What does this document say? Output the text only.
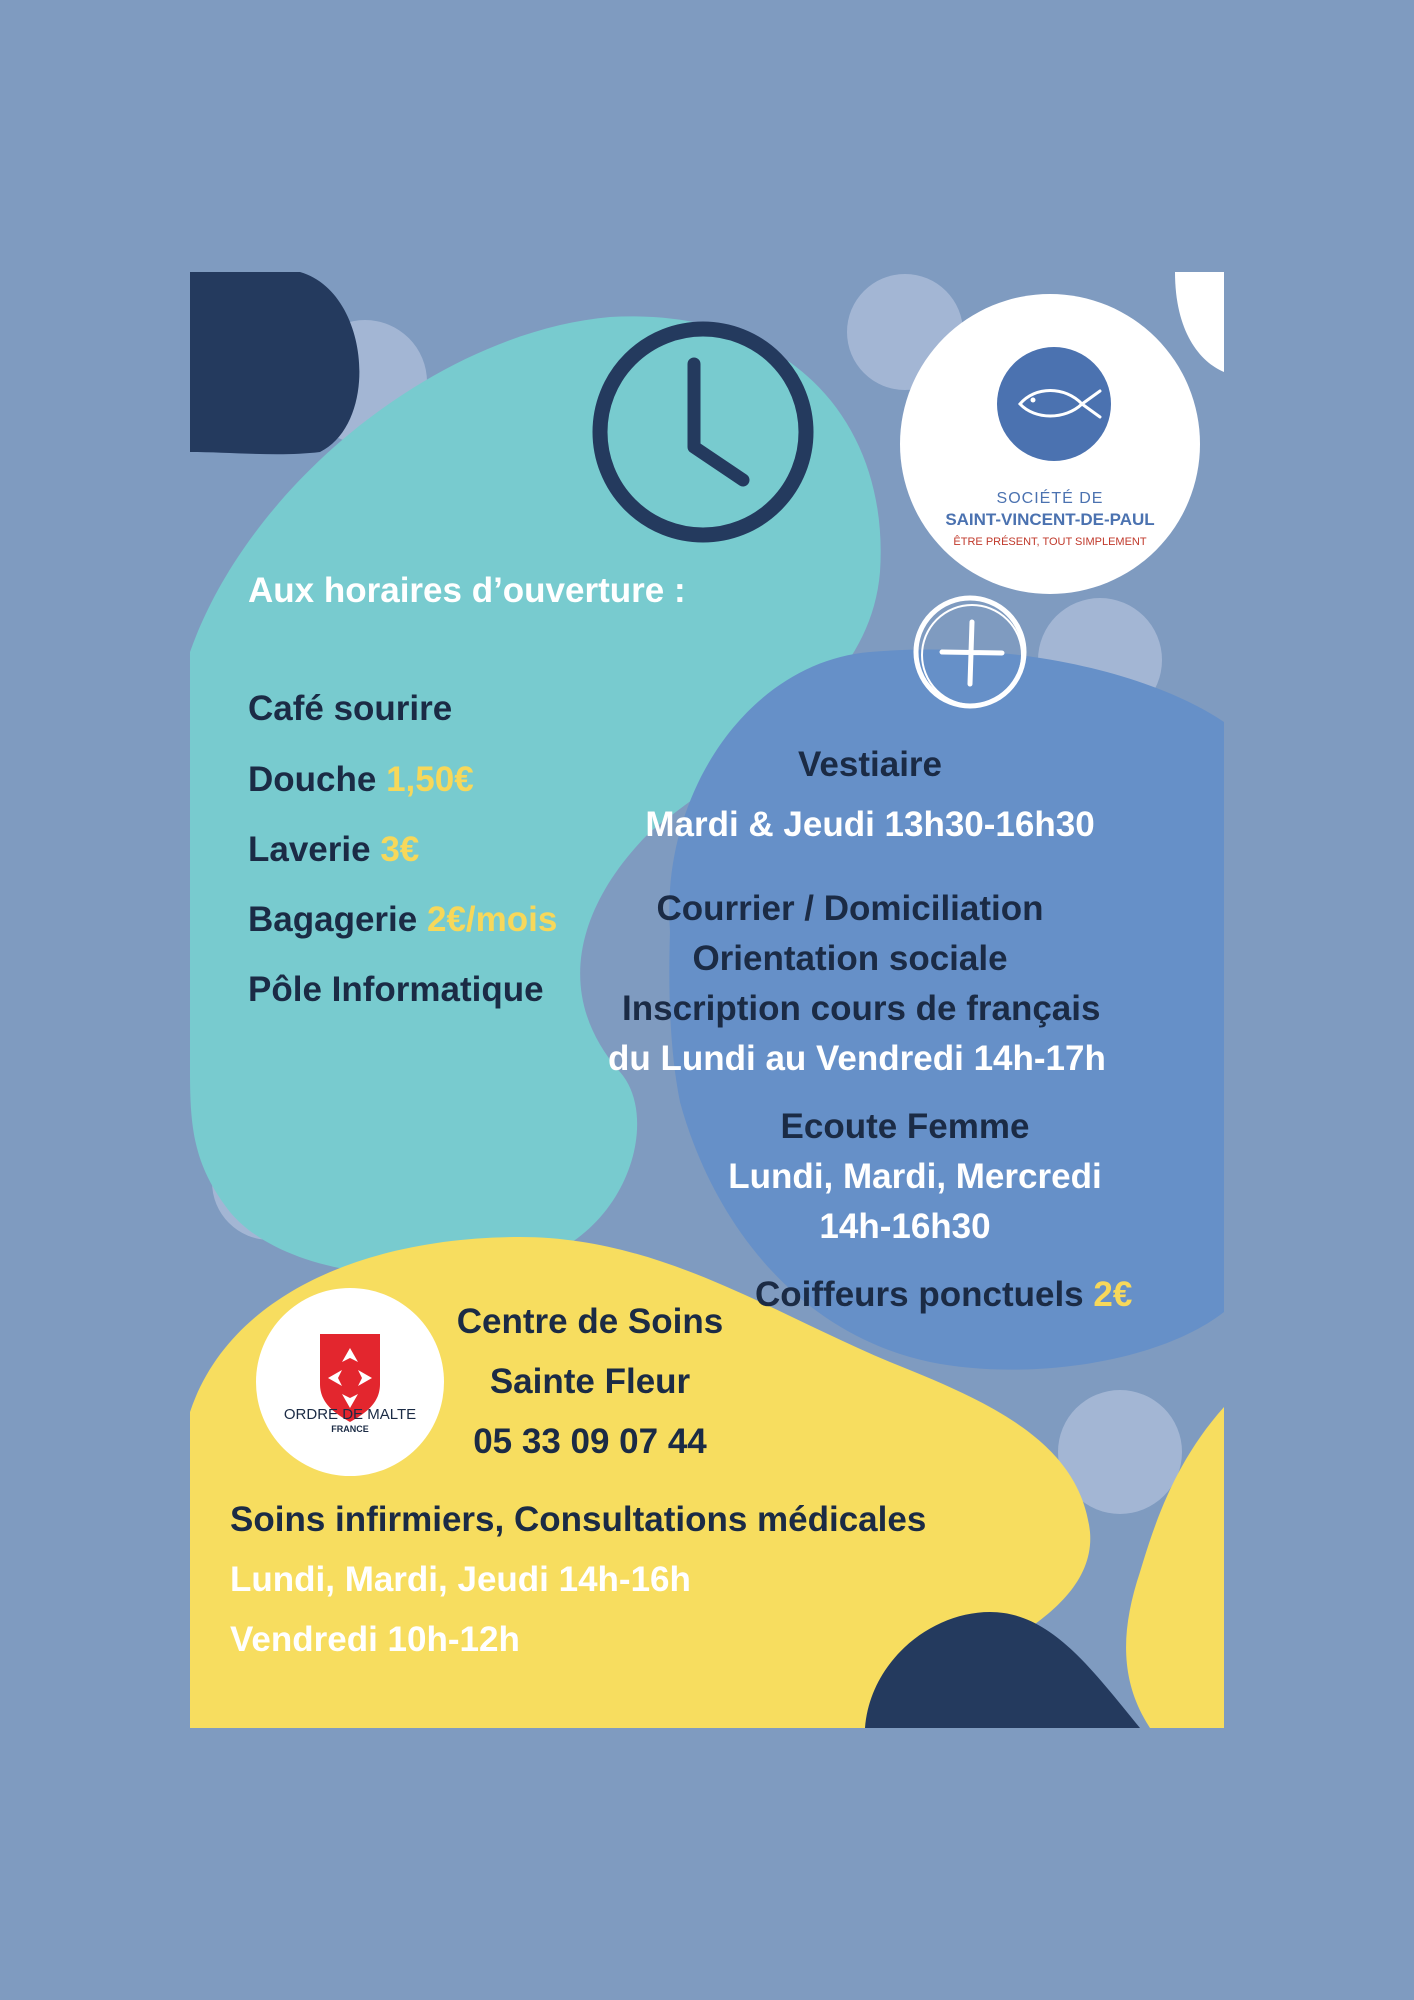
SOCIÉTÉ DE
SAINT-VINCENT-DE-PAUL
ÊTRE PRÉSENT, TOUT SIMPLEMENT
Aux horaires d’ouverture :
Café sourire
Douche 1,50€
Laverie 3€
Bagagerie 2€/mois
Pôle Informatique
Vestiaire
Mardi & Jeudi 13h30-16h30
Courrier / Domiciliation
Orientation sociale
Inscription cours de français
du Lundi au Vendredi 14h-17h
Ecoute Femme
Lundi, Mardi, Mercredi
14h-16h30
Coiffeurs ponctuels 2€
ORDRE DE MALTE
FRANCE
Centre de Soins
Sainte Fleur
05 33 09 07 44
Soins infirmiers, Consultations médicales
Lundi, Mardi, Jeudi 14h-16h
Vendredi 10h-12h
